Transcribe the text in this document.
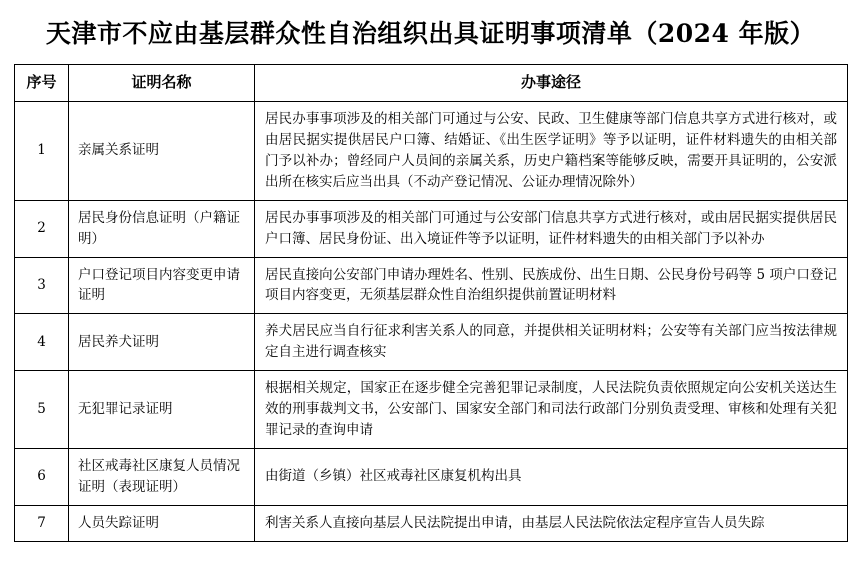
天津市不应由基层群众性自治组织出具证明事项清单（2024 年版）
序号	证明名称	办事途径
1	亲属关系证明	居民办事事项涉及的相关部门可通过与公安、民政、卫生健康等部门信息共享方式进行核对，或由居民据实提供居民户口簿、结婚证、《出生医学证明》等予以证明，证件材料遗失的由相关部门予以补办；曾经同户人员间的亲属关系，历史户籍档案等能够反映，需要开具证明的，公安派出所在核实后应当出具（不动产登记情况、公证办理情况除外）
2	居民身份信息证明（户籍证明）	居民办事事项涉及的相关部门可通过与公安部门信息共享方式进行核对，或由居民据实提供居民户口簿、居民身份证、出入境证件等予以证明，证件材料遗失的由相关部门予以补办
3	户口登记项目内容变更申请证明	居民直接向公安部门申请办理姓名、性别、民族成份、出生日期、公民身份号码等 5 项户口登记项目内容变更，无须基层群众性自治组织提供前置证明材料
4	居民养犬证明	养犬居民应当自行征求利害关系人的同意，并提供相关证明材料；公安等有关部门应当按法律规定自主进行调查核实
5	无犯罪记录证明	根据相关规定，国家正在逐步健全完善犯罪记录制度，人民法院负责依照规定向公安机关送达生效的刑事裁判文书，公安部门、国家安全部门和司法行政部门分别负责受理、审核和处理有关犯罪记录的查询申请
6	社区戒毒社区康复人员情况证明（表现证明）	由街道（乡镇）社区戒毒社区康复机构出具
7	人员失踪证明	利害关系人直接向基层人民法院提出申请，由基层人民法院依法定程序宣告人员失踪
